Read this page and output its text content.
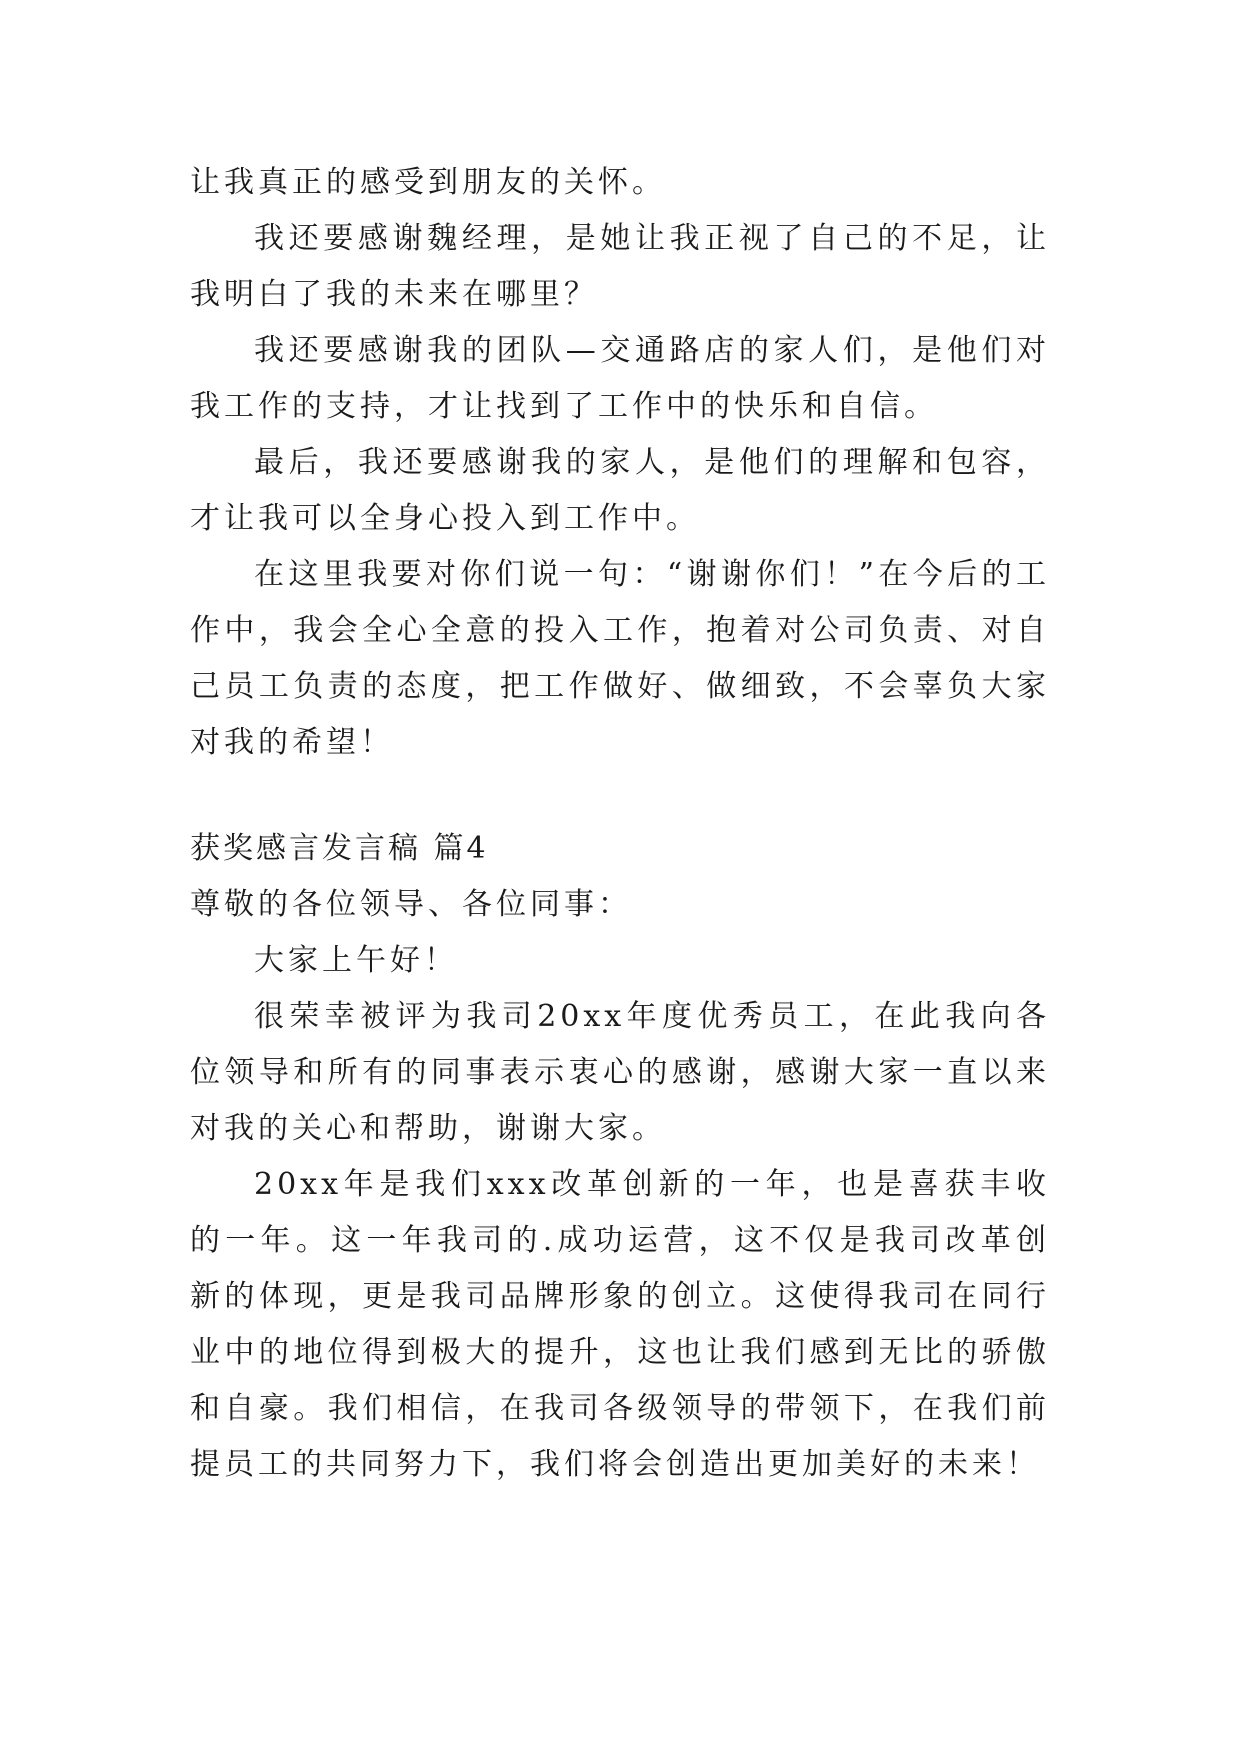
让我真正的感受到朋友的关怀。

我还要感谢魏经理，是她让我正视了自己的不足，让我明白了我的未来在哪里？

我还要感谢我的团队—交通路店的家人们，是他们对我工作的支持，才让找到了工作中的快乐和自信。

最后，我还要感谢我的家人，是他们的理解和包容，才让我可以全身心投入到工作中。

在这里我要对你们说一句：“谢谢你们！”在今后的工作中，我会全心全意的投入工作，抱着对公司负责、对自己员工负责的态度，把工作做好、做细致，不会辜负大家对我的希望！

获奖感言发言稿 篇4

尊敬的各位领导、各位同事：

大家上午好！

很荣幸被评为我司20xx年度优秀员工，在此我向各位领导和所有的同事表示衷心的感谢，感谢大家一直以来对我的关心和帮助，谢谢大家。

20xx年是我们xxx改革创新的一年，也是喜获丰收的一年。这一年我司的.成功运营，这不仅是我司改革创新的体现，更是我司品牌形象的创立。这使得我司在同行业中的地位得到极大的提升，这也让我们感到无比的骄傲和自豪。我们相信，在我司各级领导的带领下，在我们前提员工的共同努力下，我们将会创造出更加美好的未来！
